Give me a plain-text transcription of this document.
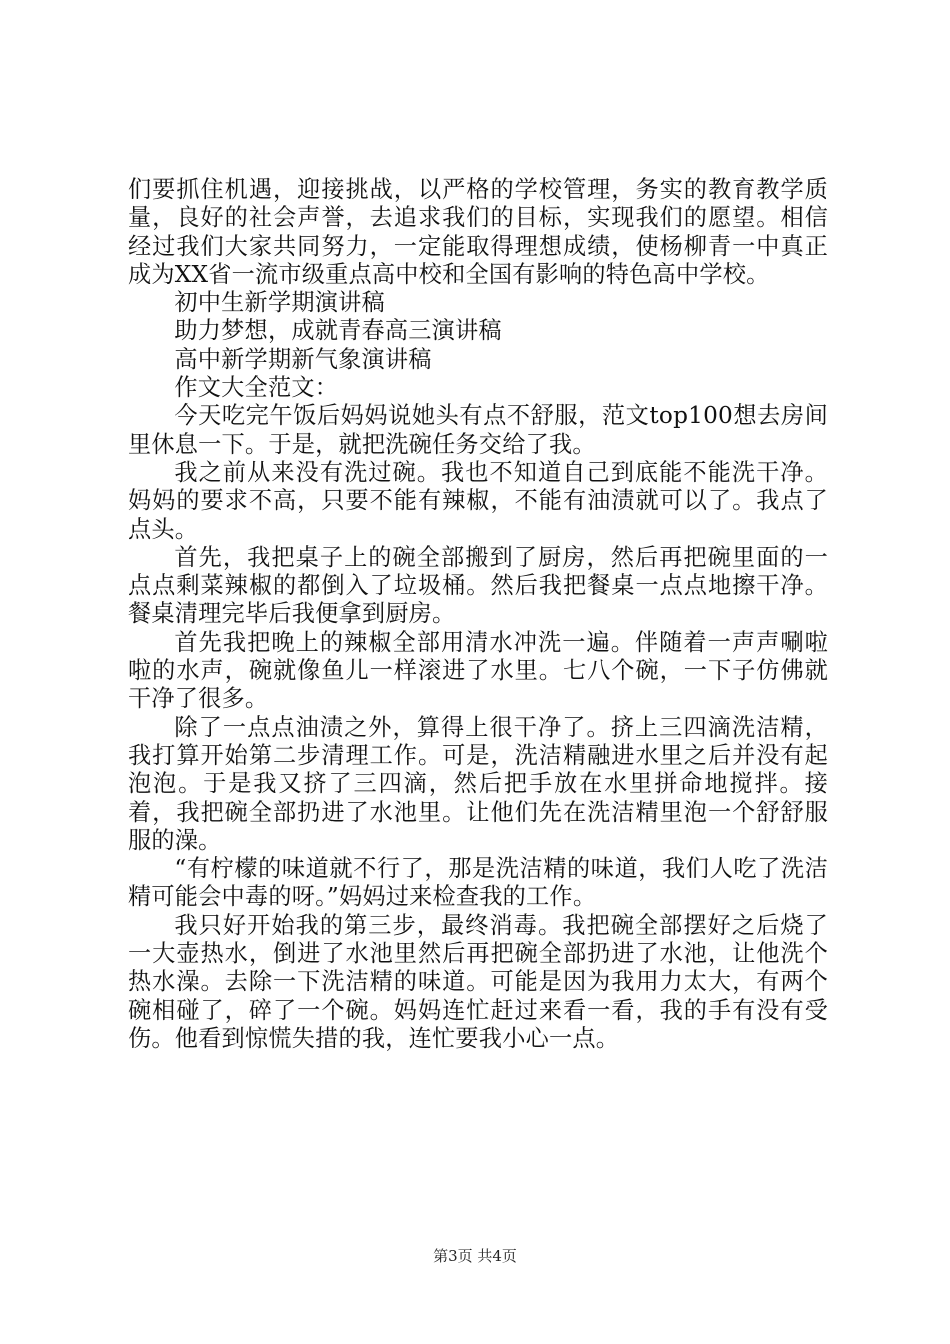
们要抓住机遇，迎接挑战，以严格的学校管理，务实的教育教学质量，良好的社会声誉，去追求我们的目标，实现我们的愿望。相信经过我们大家共同努力，一定能取得理想成绩，使杨柳青一中真正成为XX省一流市级重点高中校和全国有影响的特色高中学校。

初中生新学期演讲稿

助力梦想，成就青春高三演讲稿

高中新学期新气象演讲稿

作文大全范文：

今天吃完午饭后妈妈说她头有点不舒服，范文top100想去房间里休息一下。于是，就把洗碗任务交给了我。

我之前从来没有洗过碗。我也不知道自己到底能不能洗干净。妈妈的要求不高，只要不能有辣椒，不能有油渍就可以了。我点了点头。

首先，我把桌子上的碗全部搬到了厨房，然后再把碗里面的一点点剩菜辣椒的都倒入了垃圾桶。然后我把餐桌一点点地擦干净。餐桌清理完毕后我便拿到厨房。

首先我把晚上的辣椒全部用清水冲洗一遍。伴随着一声声唰啦啦的水声，碗就像鱼儿一样滚进了水里。七八个碗，一下子仿佛就干净了很多。

除了一点点油渍之外，算得上很干净了。挤上三四滴洗洁精，我打算开始第二步清理工作。可是，洗洁精融进水里之后并没有起泡泡。于是我又挤了三四滴，然后把手放在水里拼命地搅拌。接着，我把碗全部扔进了水池里。让他们先在洗洁精里泡一个舒舒服服的澡。

“有柠檬的味道就不行了，那是洗洁精的味道，我们人吃了洗洁精可能会中毒的呀。”妈妈过来检查我的工作。

我只好开始我的第三步，最终消毒。我把碗全部摆好之后烧了一大壶热水，倒进了水池里然后再把碗全部扔进了水池，让他洗个热水澡。去除一下洗洁精的味道。可能是因为我用力太大，有两个碗相碰了，碎了一个碗。妈妈连忙赶过来看一看，我的手有没有受伤。他看到惊慌失措的我，连忙要我小心一点。

第3页 共4页
